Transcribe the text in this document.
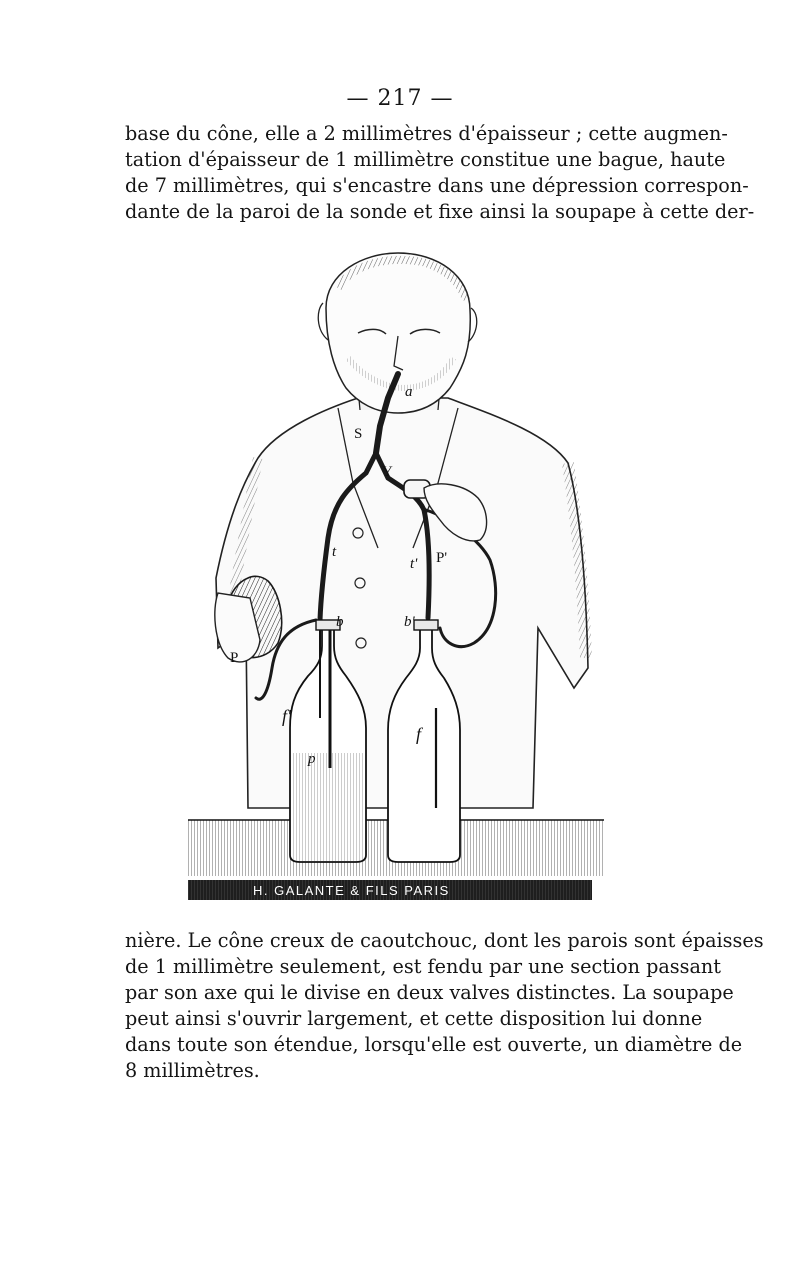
— 217 —

base du cône, elle a 2 millimètres d'épaisseur ; cette augmen-
tation d'épaisseur de 1 millimètre constitue une bague, haute
de 7 millimètres, qui s'encastre dans une dépression correspon-
dante de la paroi de la sonde et fixe ainsi la soupape à cette der-

H. GALANTE & FILS PARIS
a
S
Y
t
t' P'
b	b'
P
f'
f
p

nière. Le cône creux de caoutchouc, dont les parois sont épaisses
de 1 millimètre seulement, est fendu par une section passant
par son axe qui le divise en deux valves distinctes. La soupape
peut ainsi s'ouvrir largement, et cette disposition lui donne
dans toute son étendue, lorsqu'elle est ouverte, un diamètre de
8 millimètres.
